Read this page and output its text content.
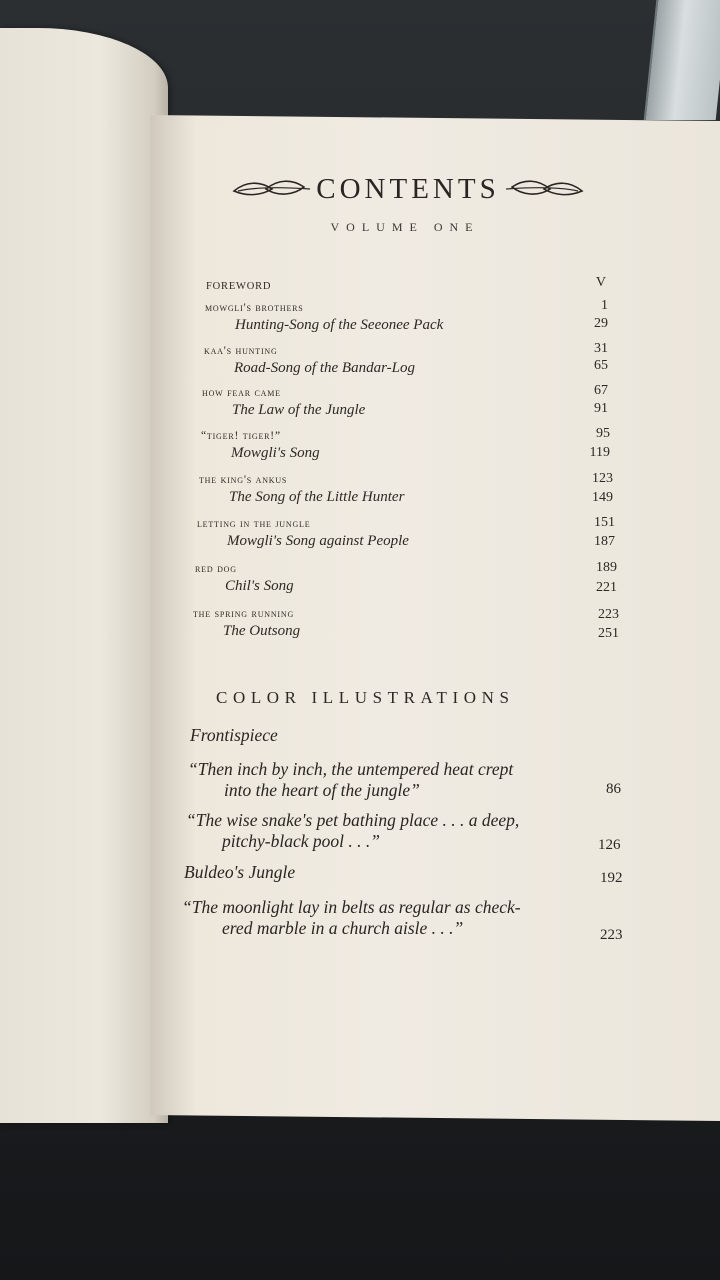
CONTENTS
VOLUME ONE
FOREWORD	V
mowgli's brothers	1
Hunting-Song of the Seeonee Pack	29
kaa's hunting	31
Road-Song of the Bandar-Log	65
how fear came	67
The Law of the Jungle	91
“tiger! tiger!”	95
Mowgli's Song	119
the king's ankus	123
The Song of the Little Hunter	149
letting in the jungle	151
Mowgli's Song against People	187
red dog	189
Chil's Song	221
the spring running	223
The Outsong	251
COLOR ILLUSTRATIONS
Frontispiece
“Then inch by inch, the untempered heat crept
into the heart of the jungle”	86
“The wise snake's pet bathing place . . . a deep,
pitchy-black pool . . .”	126
Buldeo's Jungle	192
“The moonlight lay in belts as regular as check-
ered marble in a church aisle . . .”	223
